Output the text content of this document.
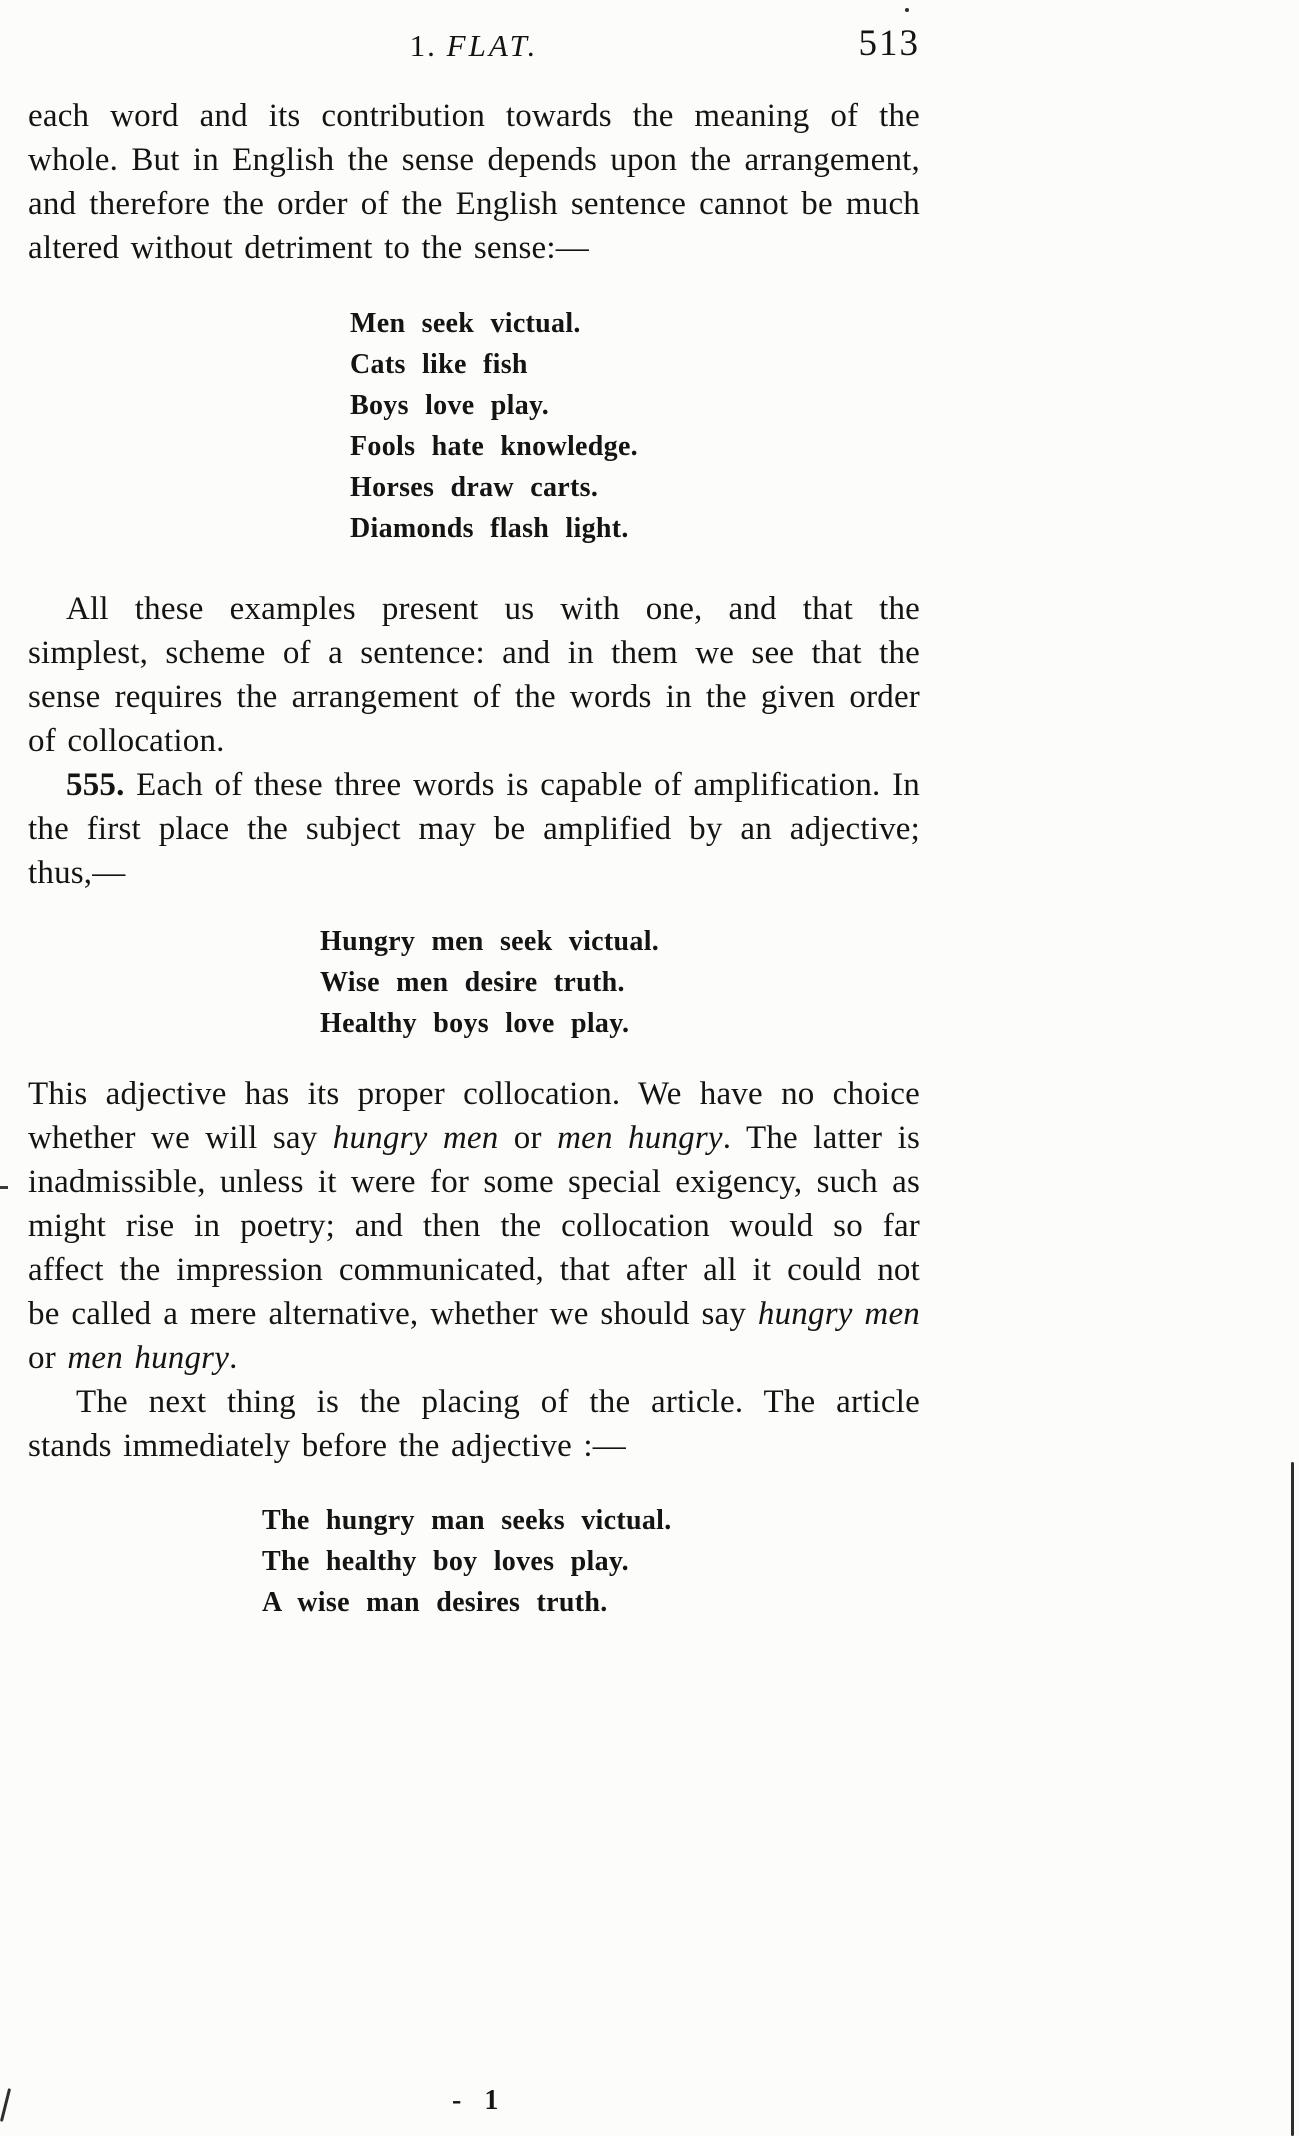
1. FLAT.	513

each word and its contribution towards the meaning of the whole. But in English the sense depends upon the arrangement, and therefore the order of the English sentence cannot be much altered without detriment to the sense:—

Men seek victual.
Cats like fish
Boys love play.
Fools hate knowledge.
Horses draw carts.
Diamonds flash light.

All these examples present us with one, and that the simplest, scheme of a sentence: and in them we see that the sense requires the arrangement of the words in the given order of collocation.

555. Each of these three words is capable of amplification. In the first place the subject may be amplified by an adjective; thus,—

Hungry men seek victual.
Wise men desire truth.
Healthy boys love play.

This adjective has its proper collocation. We have no choice whether we will say hungry men or men hungry. The latter is inadmissible, unless it were for some special exigency, such as might rise in poetry; and then the collocation would so far affect the impression communicated, that after all it could not be called a mere alternative, whether we should say hungry men or men hungry.

The next thing is the placing of the article. The article stands immediately before the adjective :—

The hungry man seeks victual.
The healthy boy loves play.
A wise man desires truth.
- 1
